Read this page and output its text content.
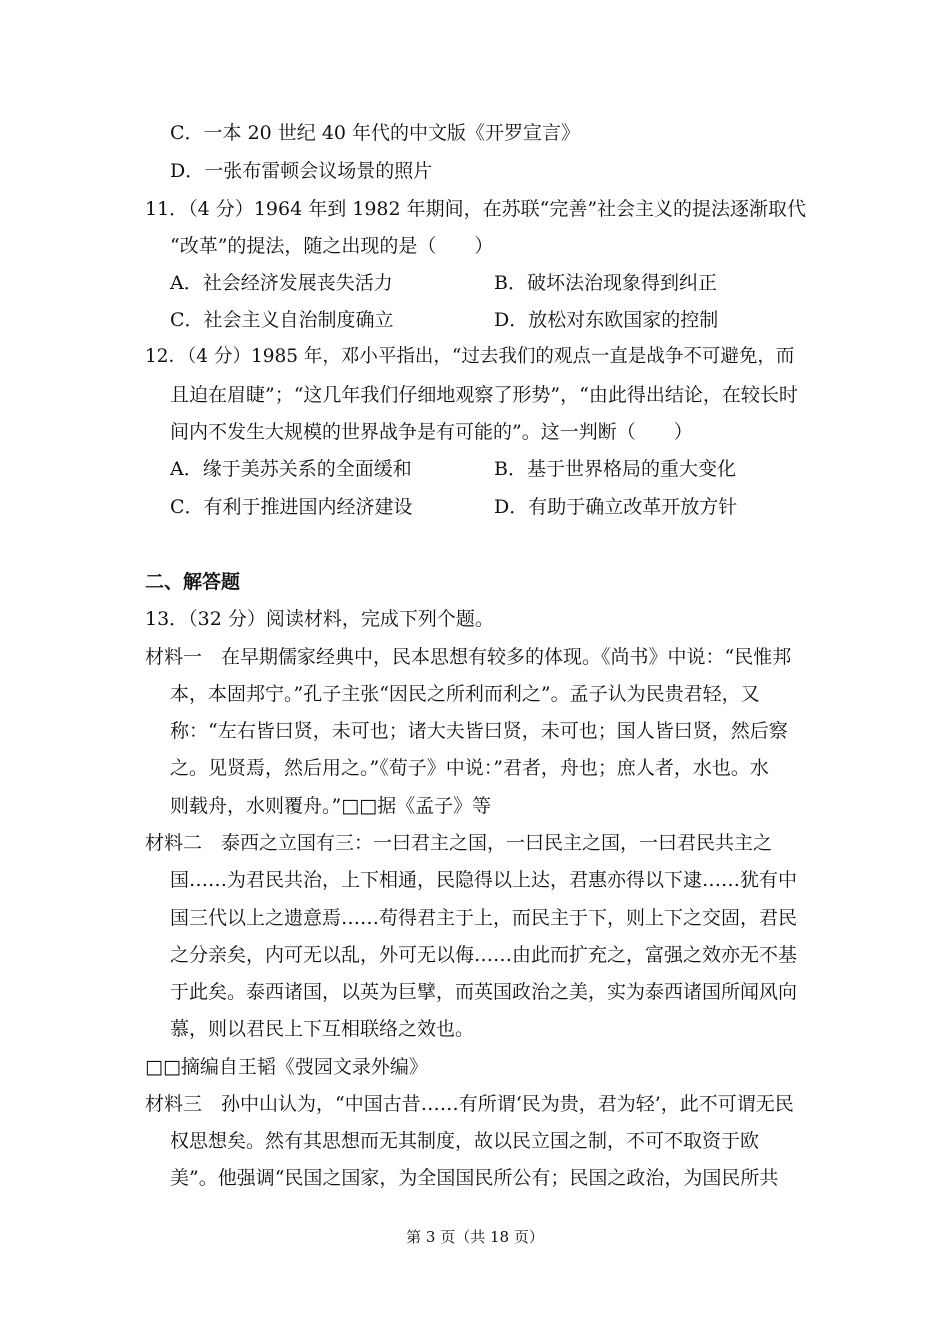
C．一本 20 世纪 40 年代的中文版《开罗宣言》
D．一张布雷顿会议场景的照片
11．（4 分）1964 年到 1982 年期间，在苏联“完善”社会主义的提法逐渐取代
“改革”的提法，随之出现的是（　　）
A．社会经济发展丧失活力	B．破坏法治现象得到纠正
C．社会主义自治制度确立	D．放松对东欧国家的控制
12．（4 分）1985 年，邓小平指出，“过去我们的观点一直是战争不可避免，而
且迫在眉睫”；“这几年我们仔细地观察了形势”，“由此得出结论，在较长时
间内不发生大规模的世界战争是有可能的”。这一判断（　　）
A．缘于美苏关系的全面缓和	B．基于世界格局的重大变化
C．有利于推进国内经济建设	D．有助于确立改革开放方针
二、解答题
13．（32 分）阅读材料，完成下列个题。
材料一　在早期儒家经典中，民本思想有较多的体现。《尚书》中说：“民惟邦
本，本固邦宁。”孔子主张“因民之所利而利之”。孟子认为民贵君轻，又
称：“左右皆曰贤，未可也；诸大夫皆曰贤，未可也；国人皆曰贤，然后察
之。见贤焉，然后用之。”《荀子》中说：”君者，舟也；庶人者，水也。水
则载舟，水则覆舟。”□□据《孟子》等
材料二　泰西之立国有三：一曰君主之国，一曰民主之国，一曰君民共主之
国……为君民共治，上下相通，民隐得以上达，君惠亦得以下逮……犹有中
国三代以上之遗意焉……苟得君主于上，而民主于下，则上下之交固，君民
之分亲矣，内可无以乱，外可无以侮……由此而扩充之，富强之效亦无不基
于此矣。泰西诸国，以英为巨擘，而英国政治之美，实为泰西诸国所闻风向
慕，则以君民上下互相联络之效也。
□□摘编自王韬《弢园文录外编》
材料三　孙中山认为，“中国古昔……有所谓‘民为贵，君为轻’，此不可谓无民
权思想矣。然有其思想而无其制度，故以民立国之制，不可不取资于欧
美”。他强调“民国之国家，为全国国民所公有；民国之政治，为国民所共
第 3 页（共 18 页）
